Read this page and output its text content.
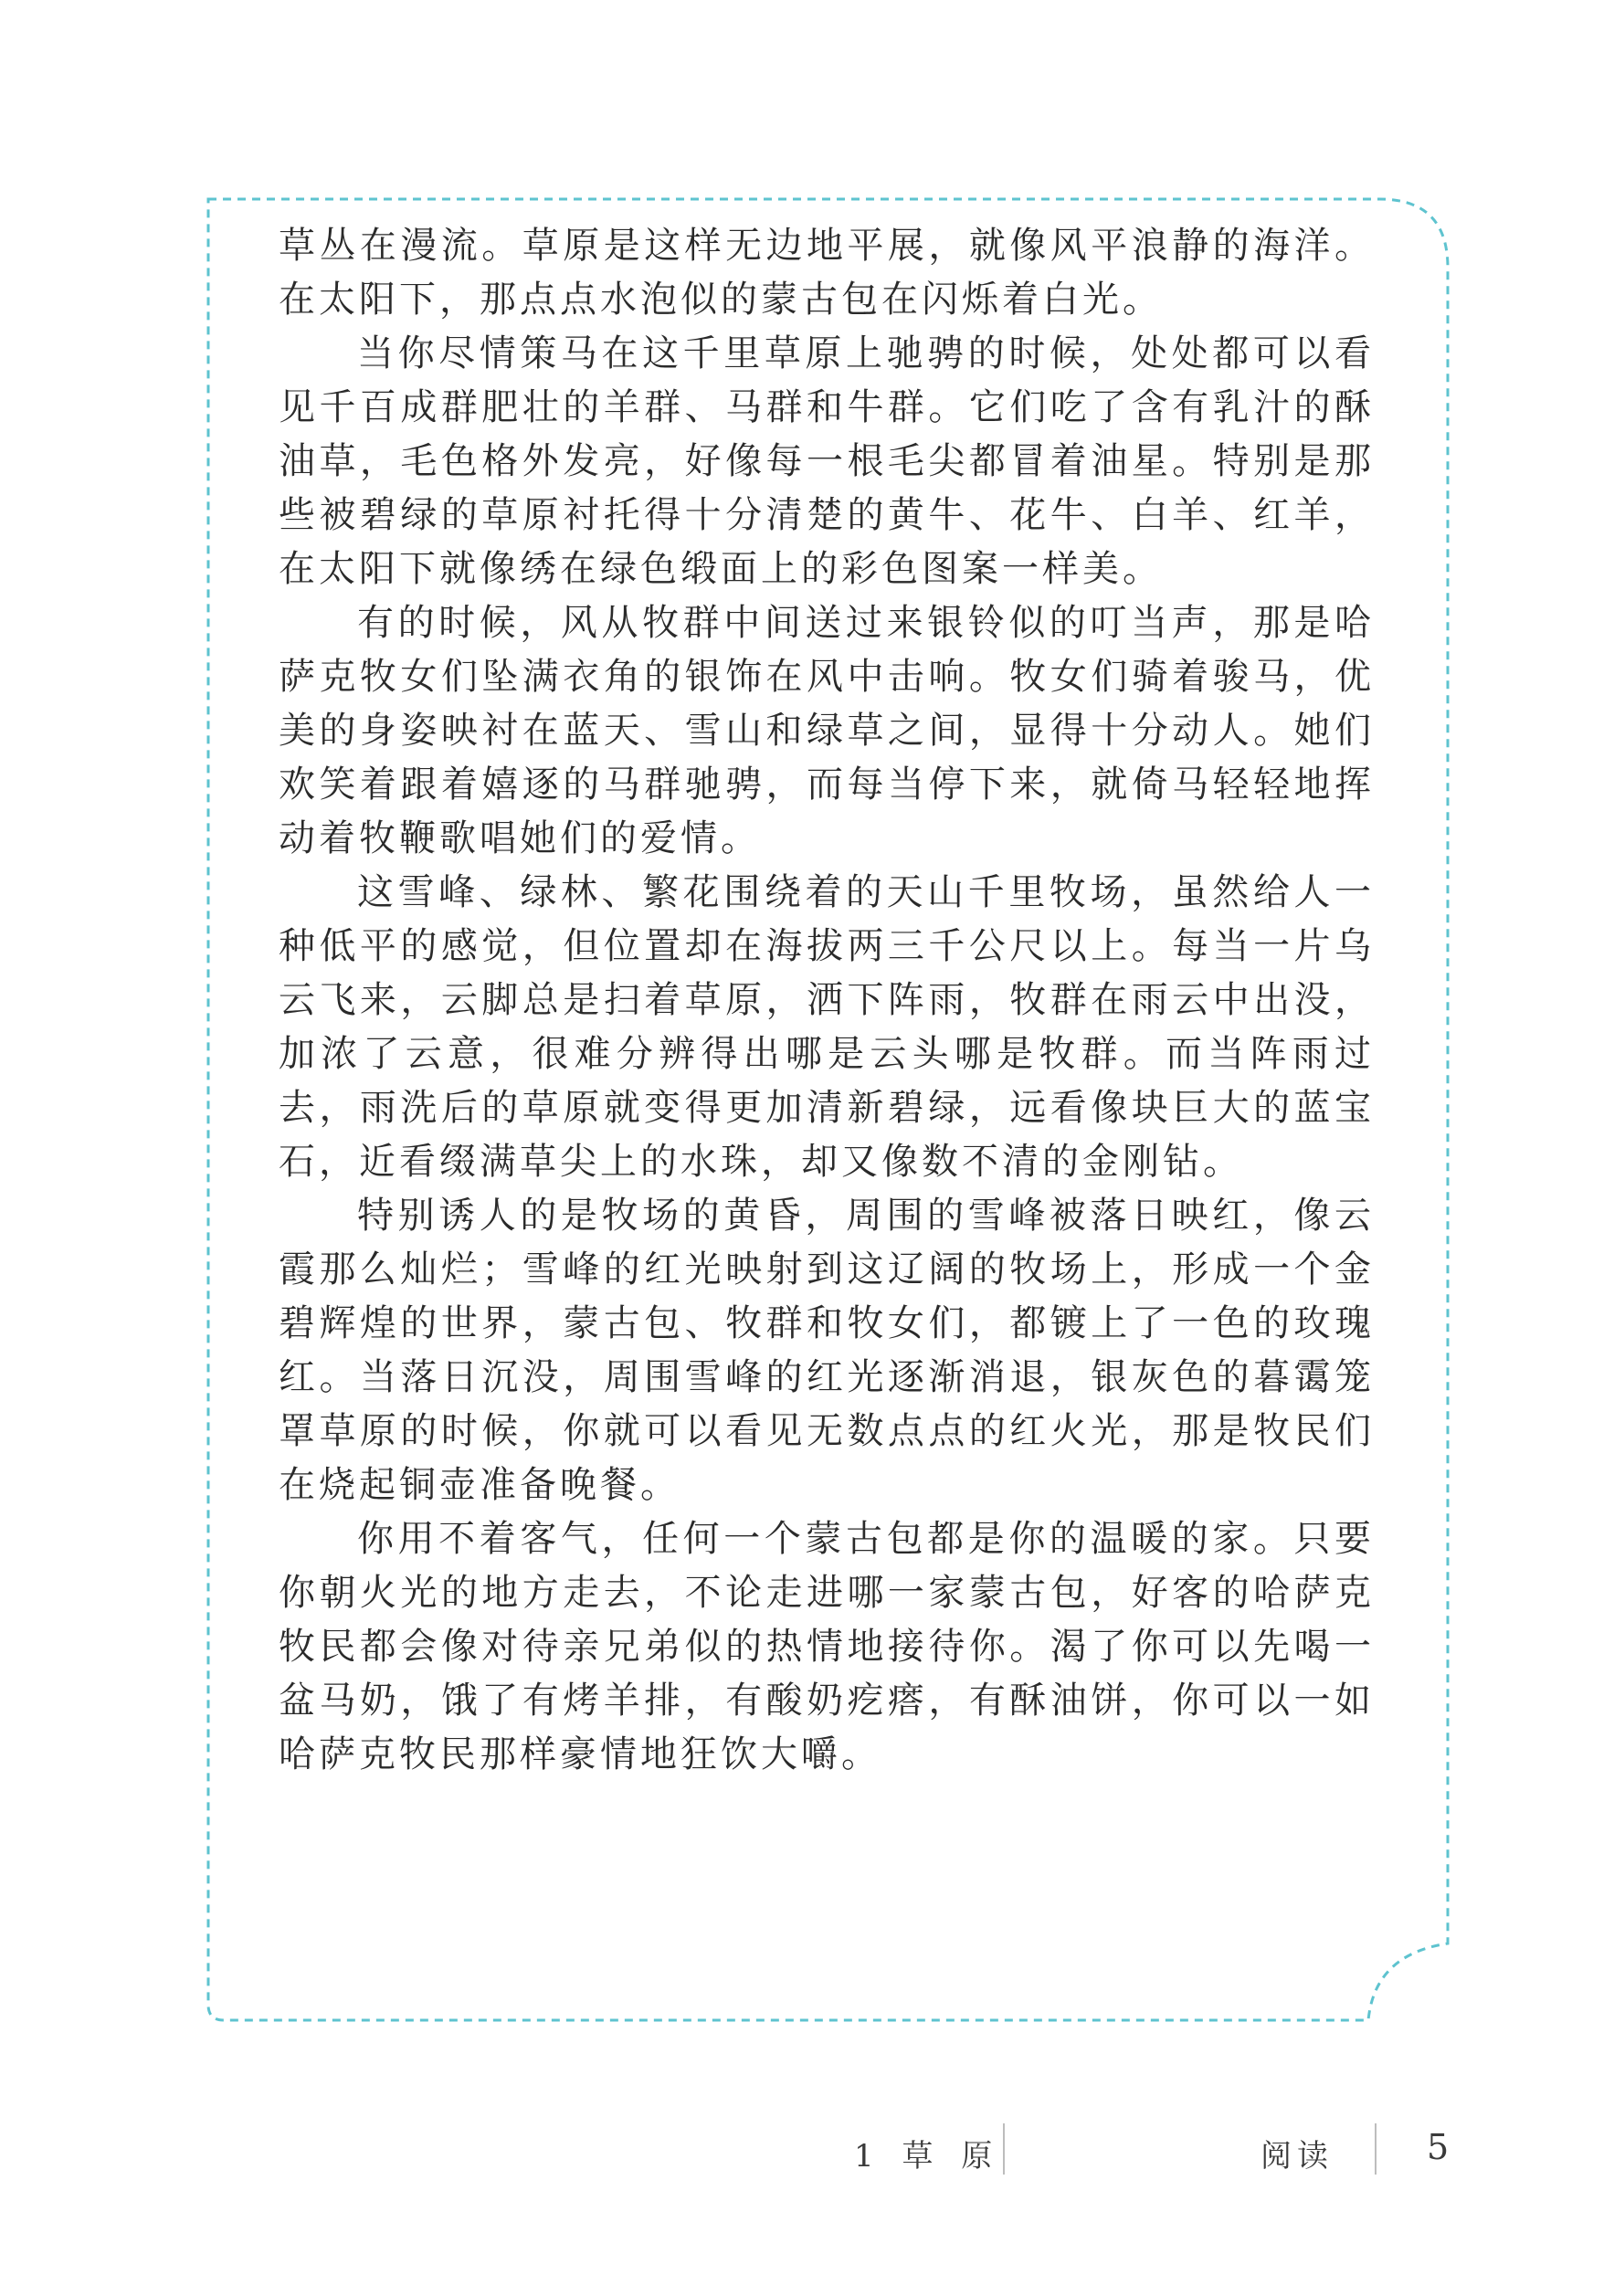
草丛在漫流。草原是这样无边地平展，就像风平浪静的海洋。在太阳下，那点点水泡似的蒙古包在闪烁着白光。

当你尽情策马在这千里草原上驰骋的时候，处处都可以看见千百成群肥壮的羊群、马群和牛群。它们吃了含有乳汁的酥油草，毛色格外发亮，好像每一根毛尖都冒着油星。特别是那些被碧绿的草原衬托得十分清楚的黄牛、花牛、白羊、红羊，在太阳下就像绣在绿色缎面上的彩色图案一样美。

有的时候，风从牧群中间送过来银铃似的叮当声，那是哈萨克牧女们坠满衣角的银饰在风中击响。牧女们骑着骏马，优美的身姿映衬在蓝天、雪山和绿草之间，显得十分动人。她们欢笑着跟着嬉逐的马群驰骋，而每当停下来，就倚马轻轻地挥动着牧鞭歌唱她们的爱情。

这雪峰、绿林、繁花围绕着的天山千里牧场，虽然给人一种低平的感觉，但位置却在海拔两三千公尺以上。每当一片乌云飞来，云脚总是扫着草原，洒下阵雨，牧群在雨云中出没，加浓了云意，很难分辨得出哪是云头哪是牧群。而当阵雨过去，雨洗后的草原就变得更加清新碧绿，远看像块巨大的蓝宝石，近看缀满草尖上的水珠，却又像数不清的金刚钻。

特别诱人的是牧场的黄昏，周围的雪峰被落日映红，像云霞那么灿烂；雪峰的红光映射到这辽阔的牧场上，形成一个金碧辉煌的世界，蒙古包、牧群和牧女们，都镀上了一色的玫瑰红。当落日沉没，周围雪峰的红光逐渐消退，银灰色的暮霭笼罩草原的时候，你就可以看见无数点点的红火光，那是牧民们在烧起铜壶准备晚餐。

你用不着客气，任何一个蒙古包都是你的温暖的家。只要你朝火光的地方走去，不论走进哪一家蒙古包，好客的哈萨克牧民都会像对待亲兄弟似的热情地接待你。渴了你可以先喝一盆马奶，饿了有烤羊排，有酸奶疙瘩，有酥油饼，你可以一如哈萨克牧民那样豪情地狂饮大嚼。

1 草 原	阅读	5
